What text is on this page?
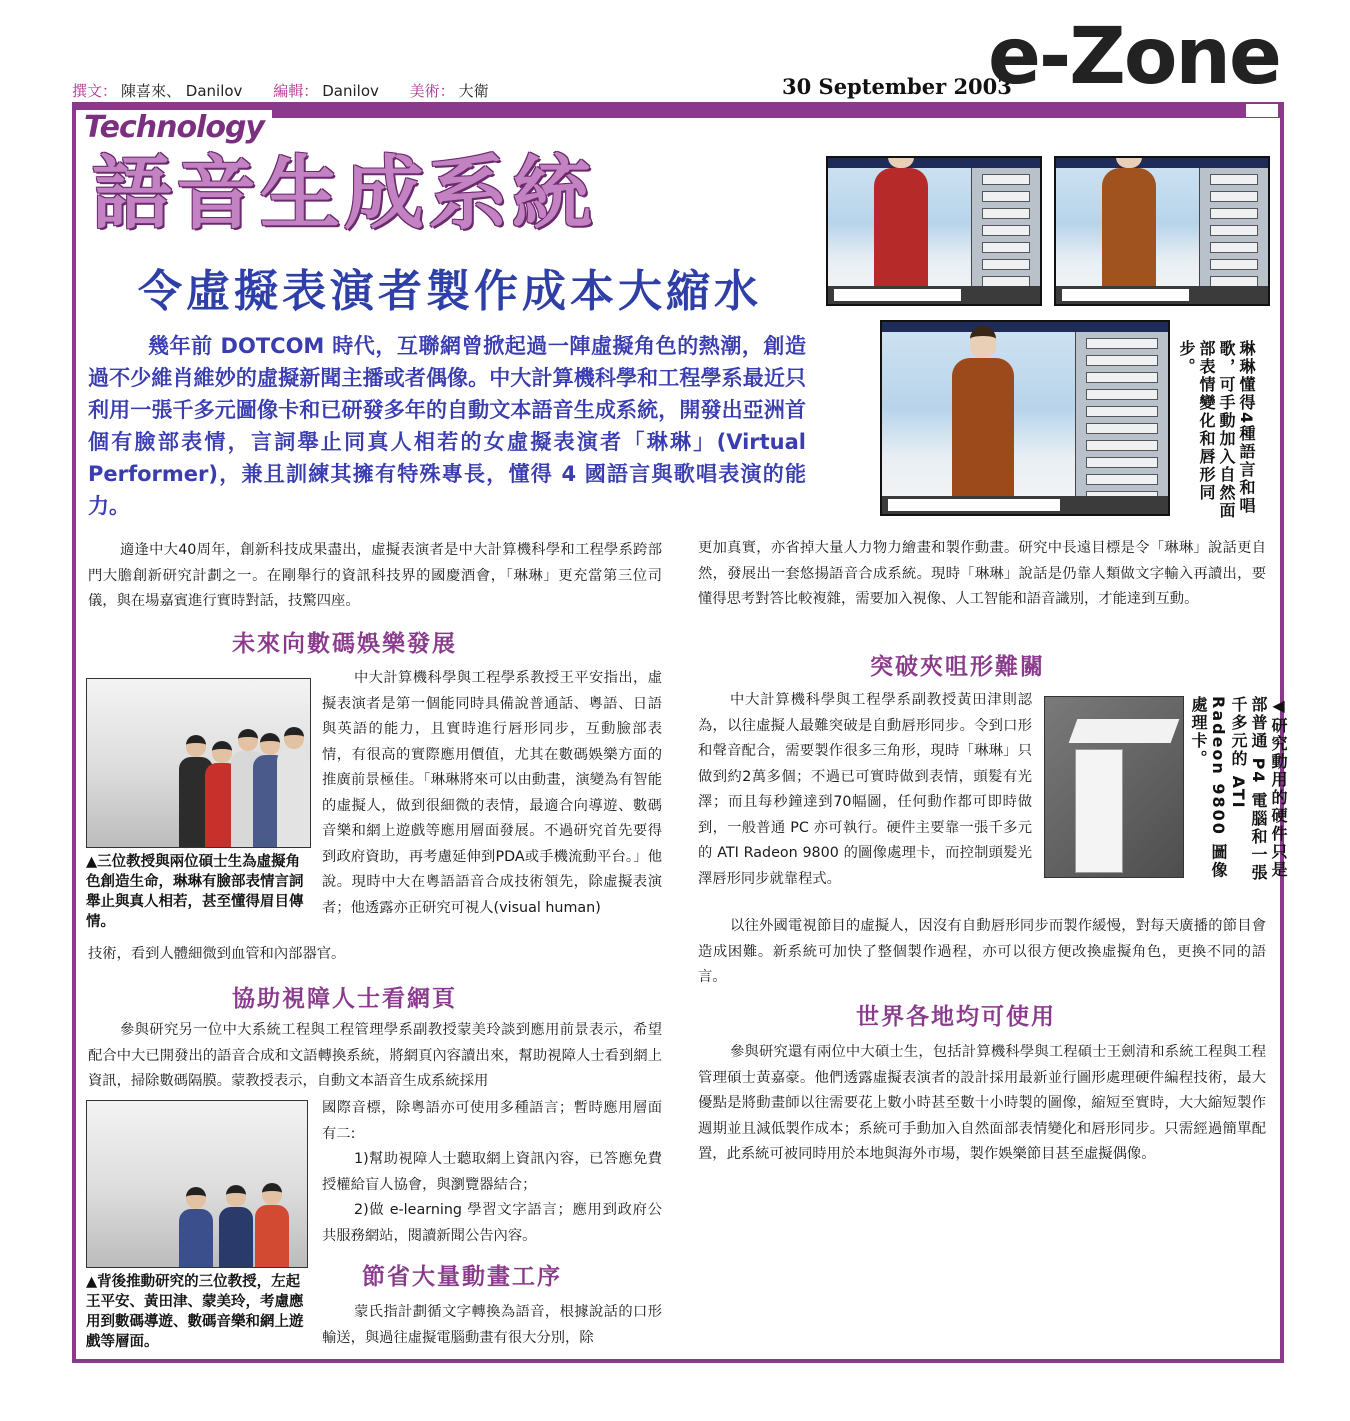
撰文： 陳喜來、 Danilov 編輯： Danilov 美術： 大衛	30 September 2003
e-Zone
Technology
語音生成系統
令虛擬表演者製作成本大縮水
幾年前 DOTCOM 時代，互聯網曾掀起過一陣虛擬角色的熱潮，創造過不少維肖維妙的虛擬新聞主播或者偶像。中大計算機科學和工程學系最近只利用一張千多元圖像卡和已研發多年的自動文本語音生成系統，開發出亞洲首個有臉部表情，言詞舉止同真人相若的女虛擬表演者「琳琳」(Virtual Performer)，兼且訓練其擁有特殊專長，懂得 4 國語言與歌唱表演的能力。	琳琳懂得4種語言和唱歌，可手動加入自然面部表情變化和唇形同步。

適逢中大40周年，創新科技成果盡出，虛擬表演者是中大計算機科學和工程學系跨部門大膽創新研究計劃之一。在剛舉行的資訊科技界的國慶酒會，「琳琳」更充當第三位司儀，與在場嘉賓進行實時對話，技驚四座。

未來向數碼娛樂發展
▲三位教授與兩位碩士生為虛擬角色創造生命，琳琳有臉部表情言詞舉止與真人相若，甚至懂得眉目傳情。

中大計算機科學與工程學系教授王平安指出，虛擬表演者是第一個能同時具備說普通話、粵語、日語與英語的能力，且實時進行唇形同步，互動臉部表情，有很高的實際應用價值，尤其在數碼娛樂方面的推廣前景極佳。「琳琳將來可以由動畫，演變為有智能的虛擬人，做到很細微的表情，最適合向導遊、數碼音樂和網上遊戲等應用層面發展。不過研究首先要得到政府資助，再考慮延伸到PDA或手機流動平台。」他說。現時中大在粵語語音合成技術領先，除虛擬表演者；他透露亦正研究可視人(visual human)

技術，看到人體細微到血管和內部器官。

協助視障人士看網頁

參與研究另一位中大系統工程與工程管理學系副教授蒙美玲談到應用前景表示，希望配合中大已開發出的語音合成和文語轉換系統，將網頁內容讀出來，幫助視障人士看到網上資訊，掃除數碼隔膜。蒙教授表示，自動文本語音生成系統採用

▲背後推動研究的三位教授，左起王平安、黃田津、蒙美玲，考慮應用到數碼導遊、數碼音樂和網上遊戲等層面。

國際音標，除粵語亦可使用多種語言；暫時應用層面有二:

1)幫助視障人士聽取網上資訊內容，已答應免費授權給盲人協會，與瀏覽器結合；

2)做 e-learning 學習文字語言；應用到政府公共服務網站，閱讀新聞公告內容。

節省大量動畫工序

蒙氏指計劃循文字轉換為語音，根據說話的口形輸送，與過往虛擬電腦動畫有很大分別，除

更加真實，亦省掉大量人力物力繪畫和製作動畫。研究中長遠目標是令「琳琳」說話更自然，發展出一套悠揚語音合成系統。現時「琳琳」說話是仍靠人類做文字輸入再讀出，要懂得思考對答比較複雜，需要加入視像、人工智能和語音識別，才能達到互動。

突破夾咀形難關

中大計算機科學與工程學系副教授黃田津則認為，以往虛擬人最難突破是自動唇形同步。令到口形和聲音配合，需要製作很多三角形，現時「琳琳」只做到約2萬多個；不過已可實時做到表情，頭髮有光澤；而且每秒鐘達到70幅圖，任何動作都可即時做到，一般普通 PC 亦可執行。硬件主要靠一張千多元的 ATI Radeon 9800 的圖像處理卡，而控制頭髮光澤唇形同步就靠程式。	◀研究動用的硬件只是部普通 P4 電腦和一張千多元的 ATI Radeon 9800 圖像處理卡。

以往外國電視節目的虛擬人，因沒有自動唇形同步而製作緩慢，對每天廣播的節目會造成困難。新系統可加快了整個製作過程，亦可以很方便改換虛擬角色，更換不同的語言。

世界各地均可使用

參與研究還有兩位中大碩士生，包括計算機科學與工程碩士王劍清和系統工程與工程管理碩士黃嘉豪。他們透露虛擬表演者的設計採用最新並行圖形處理硬件編程技術，最大優點是將動畫師以往需要花上數小時甚至數十小時製的圖像，縮短至實時，大大縮短製作週期並且減低製作成本；系統可手動加入自然面部表情變化和唇形同步。只需經過簡單配置，此系統可被同時用於本地與海外市場，製作娛樂節目甚至虛擬偶像。
